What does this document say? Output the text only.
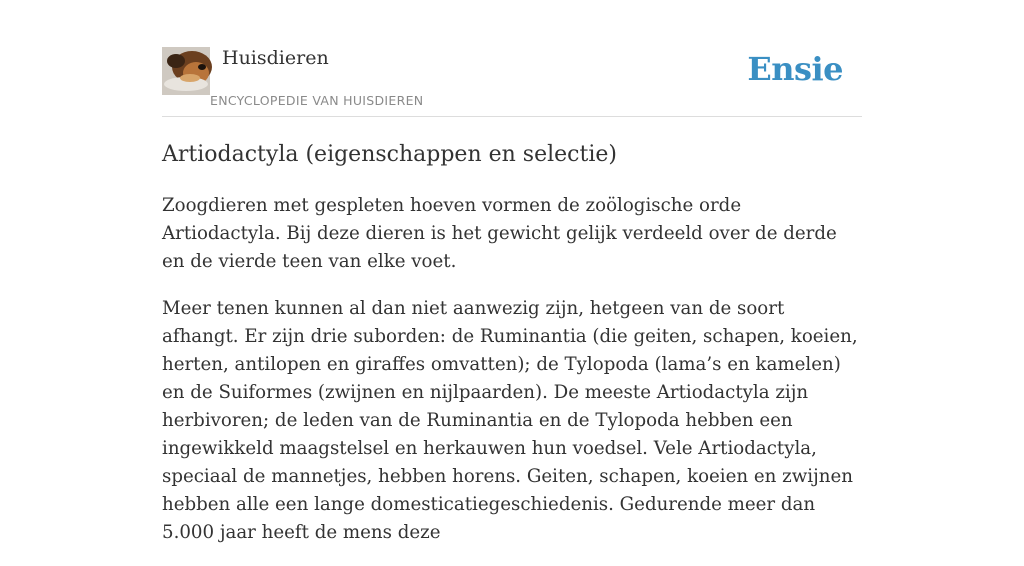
Huisdieren
ENCYCLOPEDIE VAN HUISDIEREN
Ensie
Artiodactyla (eigenschappen en selectie)

Zoogdieren met gespleten hoeven vormen de zoölogische orde Artiodactyla. Bij deze dieren is het gewicht gelijk verdeeld over de derde en de vierde teen van elke voet.

Meer tenen kunnen al dan niet aanwezig zijn, hetgeen van de soort afhangt. Er zijn drie suborden: de Ruminantia (die geiten, schapen, koeien, herten, antilopen en giraffes omvatten); de Tylopoda (lama’s en kamelen) en de Suiformes (zwijnen en nijlpaarden). De meeste Artiodactyla zijn herbivoren; de leden van de Ruminantia en de Tylopoda hebben een ingewikkeld maagstelsel en herkauwen hun voedsel. Vele Artiodactyla, speciaal de mannetjes, hebben horens. Geiten, schapen, koeien en zwijnen hebben alle een lange domesticatiegeschiedenis. Gedurende meer dan 5.000 jaar heeft de mens deze
